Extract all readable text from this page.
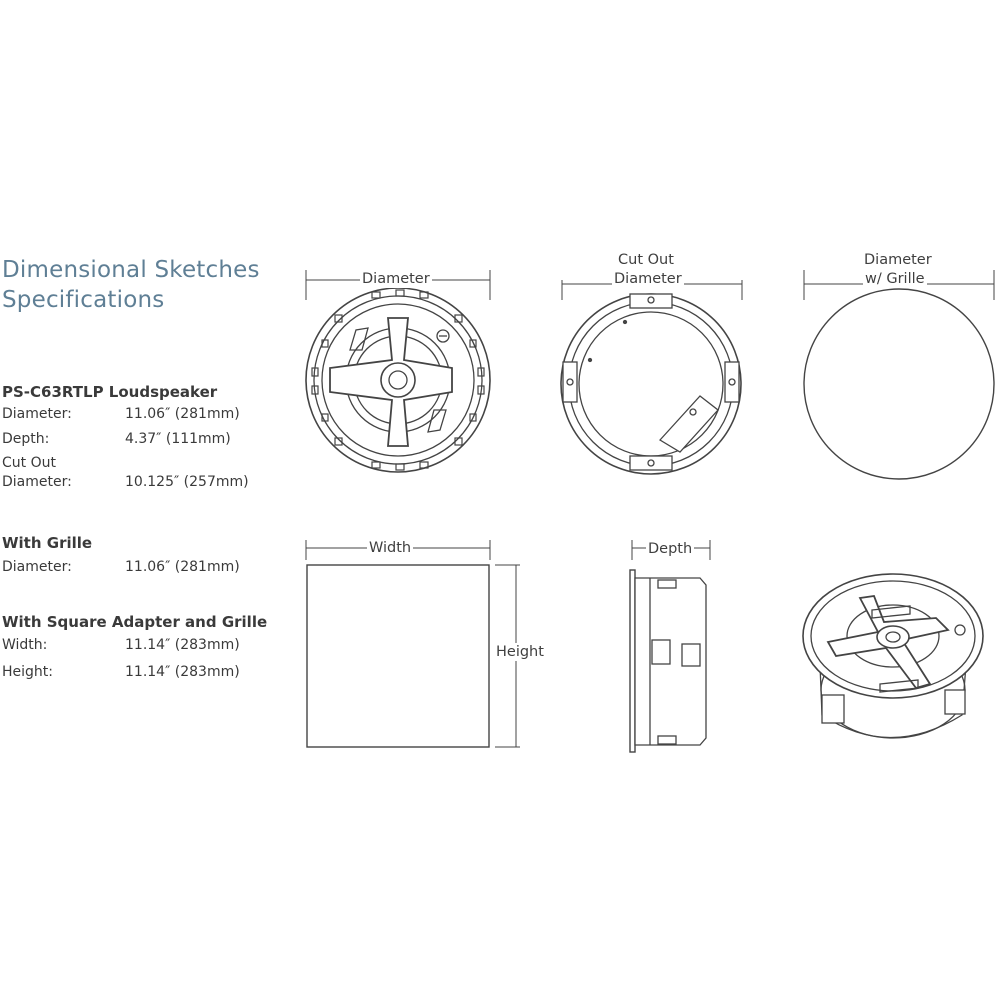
Dimensional Sketches
Specifications
PS-C63RTLP Loudspeaker
Diameter:	11.06″ (281mm)
Depth:	4.37″ (111mm)
Cut Out
Diameter:	10.125″ (257mm)
With Grille
Diameter:	11.06″ (281mm)
With Square Adapter and Grille
Width:	11.14″ (283mm)
Height:	11.14″ (283mm)
Diameter
Cut Out
Diameter
Diameter
w/ Grille
Width
Height
Depth
